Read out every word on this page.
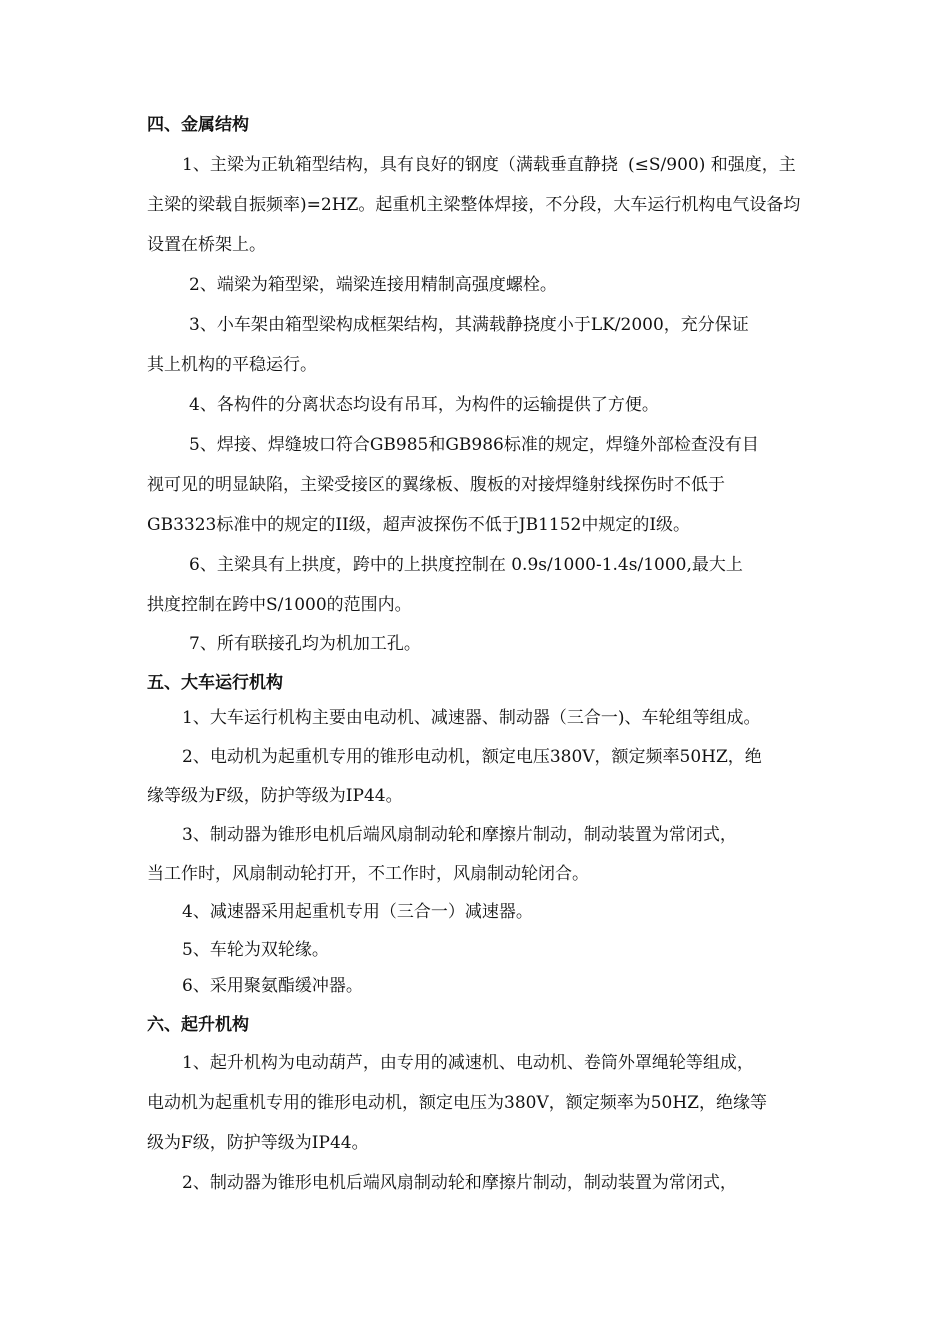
四、金属结构
1、主梁为正轨箱型结构，具有良好的钢度（满载垂直静挠 (≤S/900) 和强度，主
主梁的梁载自振频率)=2HZ。起重机主梁整体焊接，不分段，大车运行机构电气设备均
设置在桥架上。
2、端梁为箱型梁，端梁连接用精制高强度螺栓。
3、小车架由箱型梁构成框架结构，其满载静挠度小于LK/2000，充分保证
其上机构的平稳运行。
4、各构件的分离状态均设有吊耳，为构件的运输提供了方便。
5、焊接、焊缝坡口符合GB985和GB986标准的规定，焊缝外部检查没有目
视可见的明显缺陷，主梁受接区的翼缘板、腹板的对接焊缝射线探伤时不低于
GB3323标准中的规定的II级，超声波探伤不低于JB1152中规定的I级。
6、主梁具有上拱度，跨中的上拱度控制在 0.9s/1000-1.4s/1000,最大上
拱度控制在跨中S/1000的范围内。
7、所有联接孔均为机加工孔。
五、大车运行机构
1、大车运行机构主要由电动机、减速器、制动器（三合一)、车轮组等组成。
2、电动机为起重机专用的锥形电动机，额定电压380V，额定频率50HZ，绝
缘等级为F级，防护等级为IP44。
3、制动器为锥形电机后端风扇制动轮和摩擦片制动，制动装置为常闭式，
当工作时，风扇制动轮打开，不工作时，风扇制动轮闭合。
4、减速器采用起重机专用（三合一）减速器。
5、车轮为双轮缘。
6、采用聚氨酯缓冲器。
六、起升机构
1、起升机构为电动葫芦，由专用的减速机、电动机、卷筒外罩绳轮等组成，
电动机为起重机专用的锥形电动机，额定电压为380V，额定频率为50HZ，绝缘等
级为F级，防护等级为IP44。
2、制动器为锥形电机后端风扇制动轮和摩擦片制动，制动装置为常闭式，
